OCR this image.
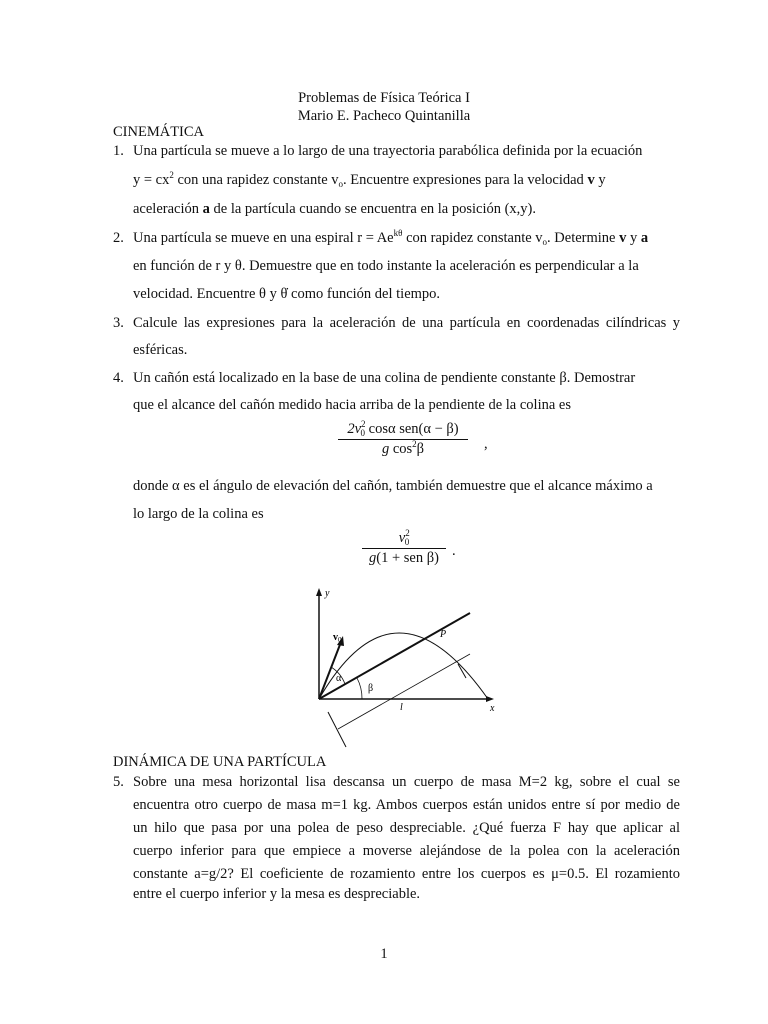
Problemas de Física Teórica I
Mario E. Pacheco Quintanilla
CINEMÁTICA
1. Una partícula se mueve a lo largo de una trayectoria parabólica definida por la ecuación
$y = cx^2$ con una rapidez constante $v_o$. Encuentre expresiones para la velocidad v y
aceleración a de la partícula cuando se encuentra en la posición (x,y).
2. Una partícula se mueve en una espiral $r = Ae^{k\theta}$ con rapidez constante $v_o$. Determine v y a
en función de r y θ. Demuestre que en todo instante la aceleración es perpendicular a la
velocidad. Encuentre θ y θ̇ como función del tiempo.
3. Calcule las expresiones para la aceleración de una partícula en coordenadas cilíndricas y
esféricas.
4. Un cañón está localizado en la base de una colina de pendiente constante β. Demostrar
que el alcance del cañón medido hacia arriba de la pendiente de la colina es
$2v^2_0$ cosα sen(α − β)
g $\cos^2\beta$	,
donde α es el ángulo de elevación del cañón, también demuestre que el alcance máximo a
lo largo de la colina es
$v^2_0$
g(1 + sen β) .
y
x
$v_0$	P
α
β
l
DINÁMICA DE UNA PARTÍCULA
5. Sobre una mesa horizontal lisa descansa un cuerpo de masa M=2 kg, sobre el cual se
encuentra otro cuerpo de masa m=1 kg. Ambos cuerpos están unidos entre sí por medio de
un hilo que pasa por una polea de peso despreciable. ¿Qué fuerza F hay que aplicar al
cuerpo inferior para que empiece a moverse alejándose de la polea con la aceleración
constante a=g/2? El coeficiente de rozamiento entre los cuerpos es μ=0.5. El rozamiento
entre el cuerpo inferior y la mesa es despreciable.
1
